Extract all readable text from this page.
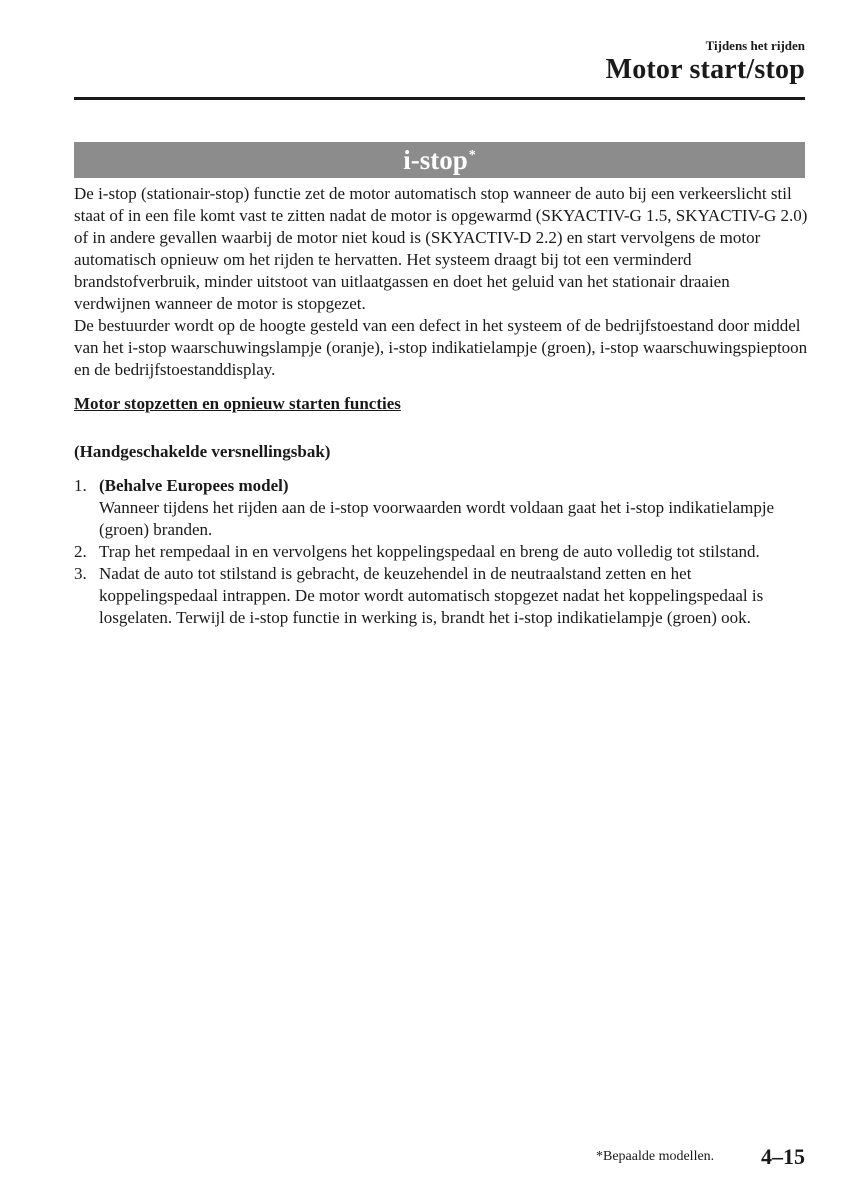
Tijdens het rijden
Motor start/stop
i-stop*

De i-stop (stationair-stop) functie zet de motor automatisch stop wanneer de auto bij een verkeerslicht stil staat of in een file komt vast te zitten nadat de motor is opgewarmd (SKYACTIV-G 1.5, SKYACTIV-G 2.0) of in andere gevallen waarbij de motor niet koud is (SKYACTIV-D 2.2) en start vervolgens de motor automatisch opnieuw om het rijden te hervatten. Het systeem draagt bij tot een verminderd brandstofverbruik, minder uitstoot van uitlaatgassen en doet het geluid van het stationair draaien verdwijnen wanneer de motor is stopgezet.

De bestuurder wordt op de hoogte gesteld van een defect in het systeem of de bedrijfstoestand door middel van het i-stop waarschuwingslampje (oranje), i-stop indikatielampje (groen), i-stop waarschuwingspieptoon en de bedrijfstoestanddisplay.

Motor stopzetten en opnieuw starten functies

(Handgeschakelde versnellingsbak)

1. (Behalve Europees model)
Wanneer tijdens het rijden aan de i-stop voorwaarden wordt voldaan gaat het i-stop indikatielampje (groen) branden.
2. Trap het rempedaal in en vervolgens het koppelingspedaal en breng de auto volledig tot stilstand.
3. Nadat de auto tot stilstand is gebracht, de keuzehendel in de neutraalstand zetten en het koppelingspedaal intrappen. De motor wordt automatisch stopgezet nadat het koppelingspedaal is losgelaten. Terwijl de i-stop functie in werking is, brandt het i-stop indikatielampje (groen) ook.
*Bepaalde modellen. 4–15
